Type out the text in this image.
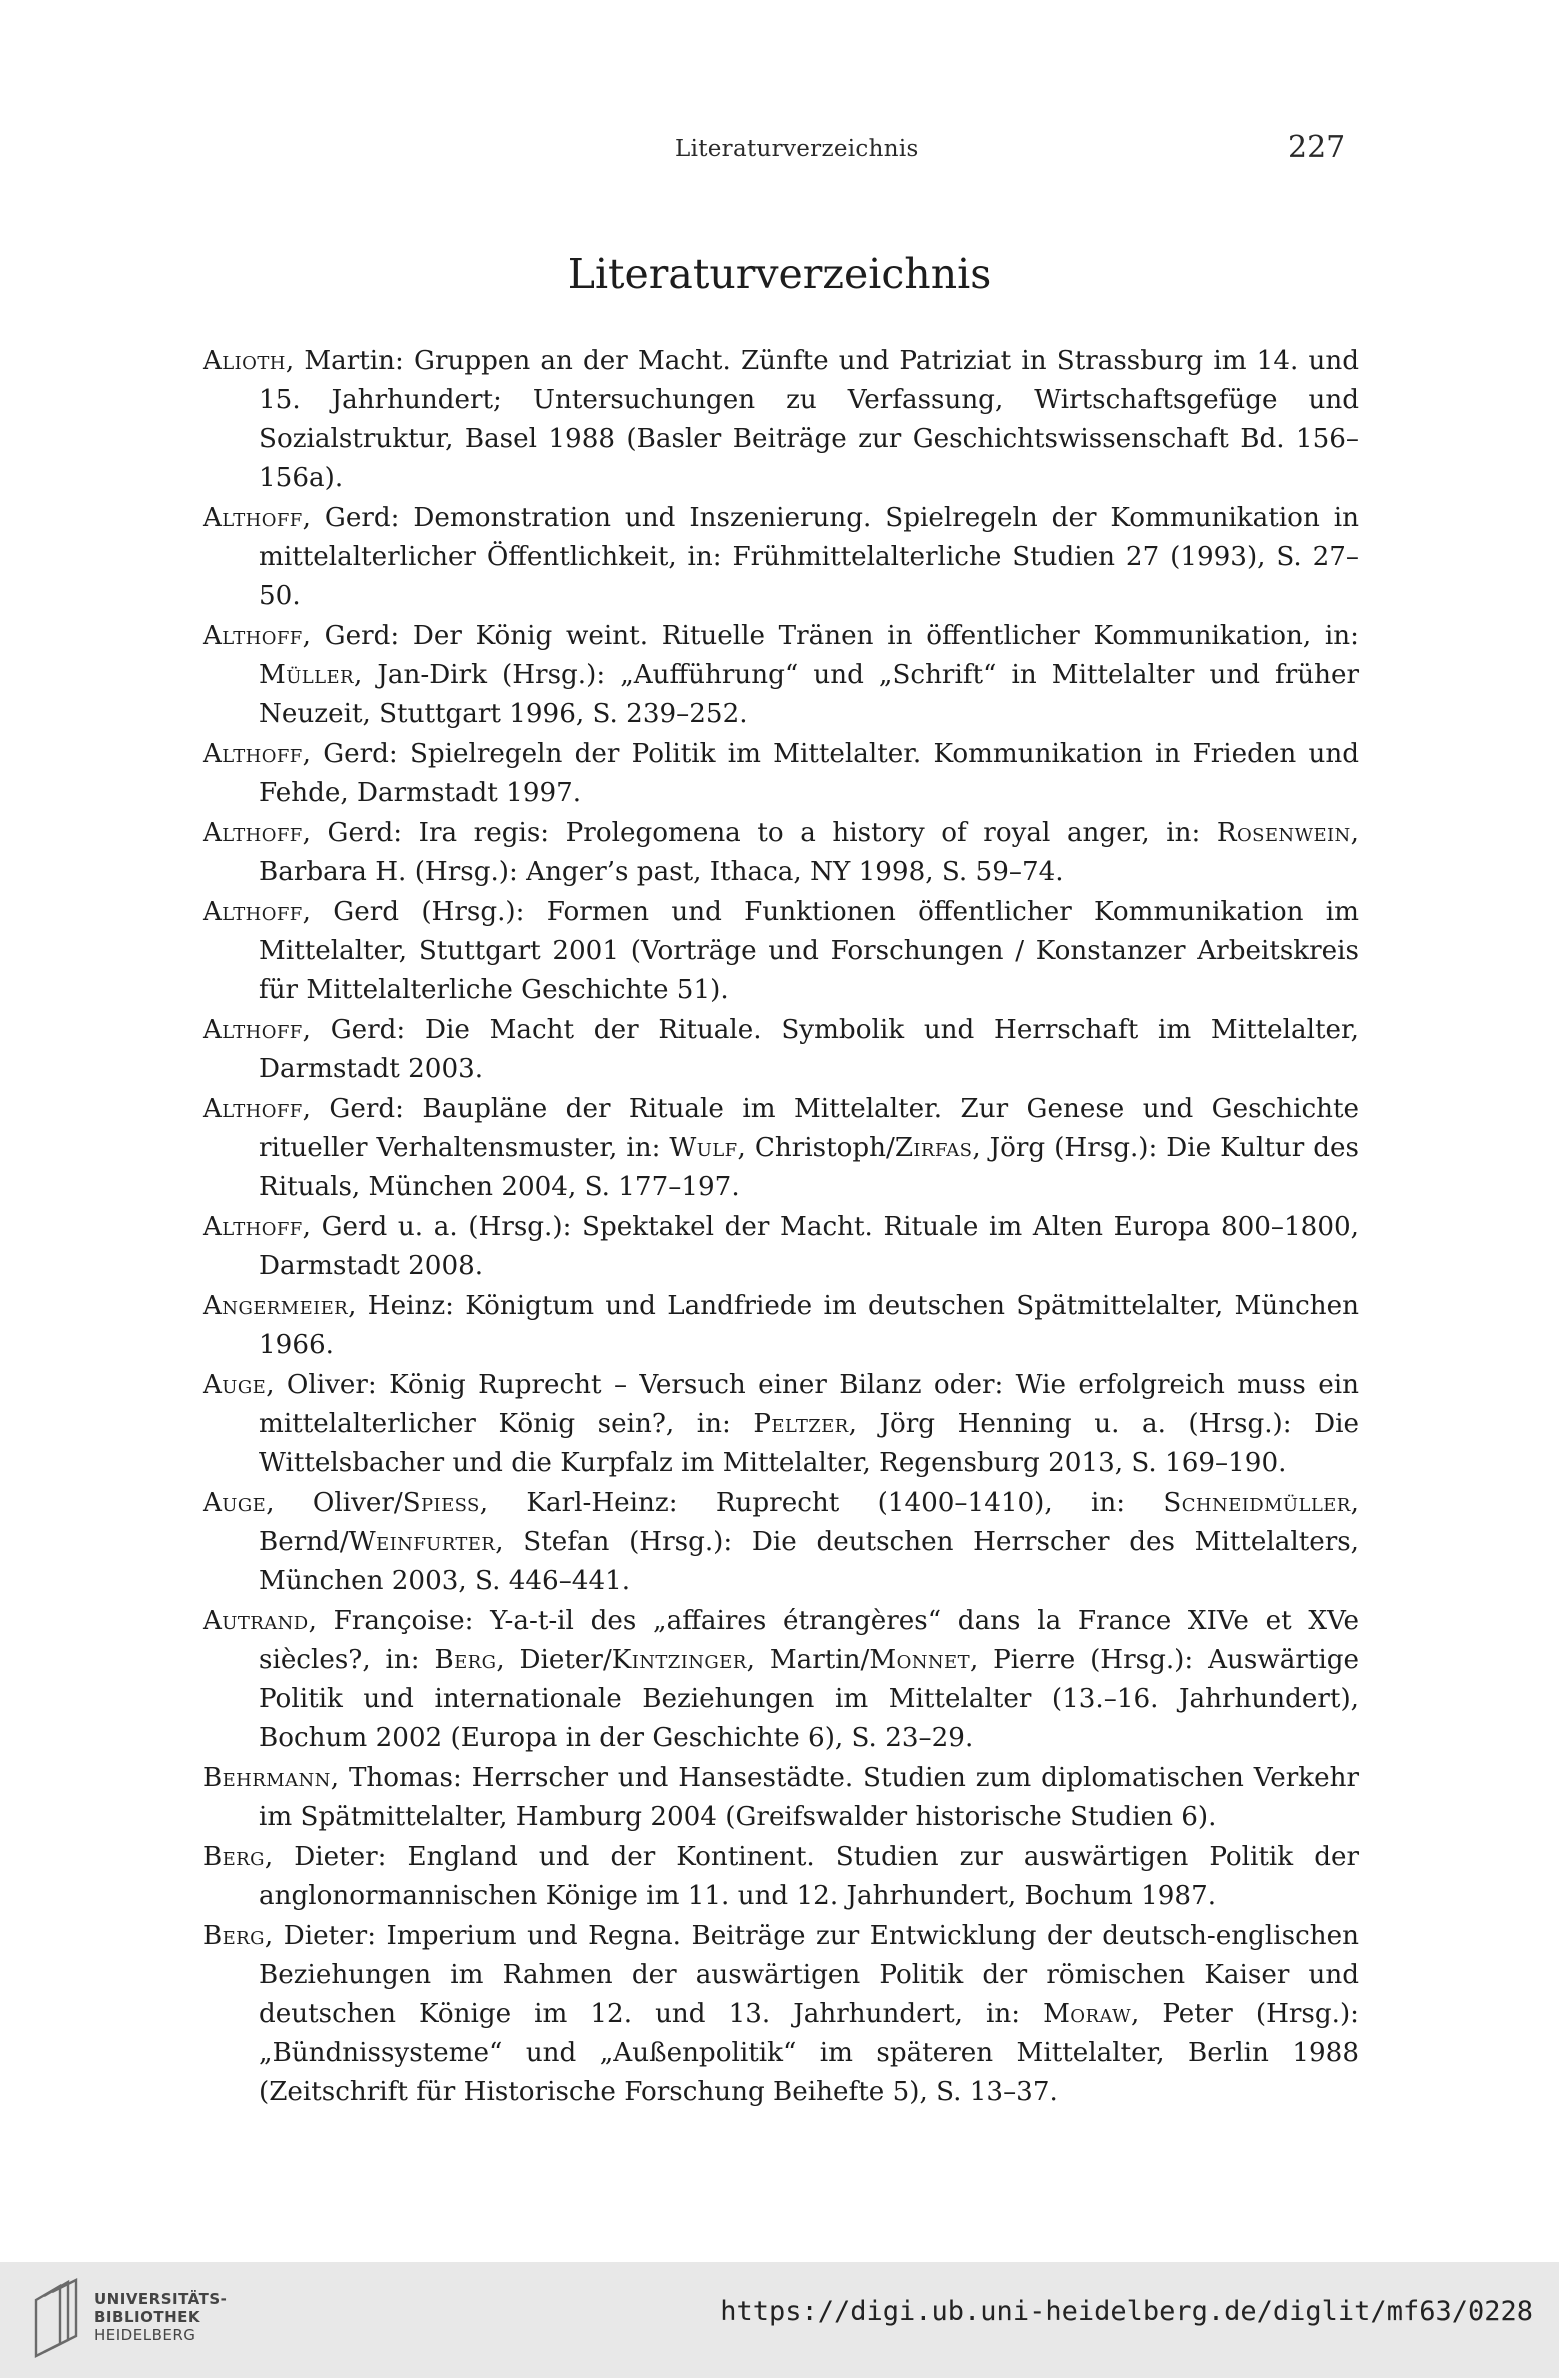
Literaturverzeichnis	227
Literaturverzeichnis
Alioth, Martin: Gruppen an der Macht. Zünfte und Patriziat in Strassburg im 14. und 15. Jahrhundert; Untersuchungen zu Verfassung, Wirtschaftsgefüge und Sozialstruktur, Basel 1988 (Basler Beiträge zur Geschichtswissenschaft Bd. 156–156a).
Althoff, Gerd: Demonstration und Inszenierung. Spielregeln der Kommunikation in mittelalterlicher Öffentlichkeit, in: Frühmittelalterliche Studien 27 (1993), S. 27–50.
Althoff, Gerd: Der König weint. Rituelle Tränen in öffentlicher Kommunikation, in: Müller, Jan-Dirk (Hrsg.): „Aufführung“ und „Schrift“ in Mittelalter und früher Neuzeit, Stuttgart 1996, S. 239–252.
Althoff, Gerd: Spielregeln der Politik im Mittelalter. Kommunikation in Frieden und Fehde, Darmstadt 1997.
Althoff, Gerd: Ira regis: Prolegomena to a history of royal anger, in: Rosenwein, Barbara H. (Hrsg.): Anger’s past, Ithaca, NY 1998, S. 59–74.
Althoff, Gerd (Hrsg.): Formen und Funktionen öffentlicher Kommunikation im Mittelalter, Stuttgart 2001 (Vorträge und Forschungen / Konstanzer Arbeitskreis für Mittelalterliche Geschichte 51).
Althoff, Gerd: Die Macht der Rituale. Symbolik und Herrschaft im Mittelalter, Darmstadt 2003.
Althoff, Gerd: Baupläne der Rituale im Mittelalter. Zur Genese und Geschichte ritueller Verhaltensmuster, in: Wulf, Christoph/Zirfas, Jörg (Hrsg.): Die Kultur des Rituals, München 2004, S. 177–197.
Althoff, Gerd u. a. (Hrsg.): Spektakel der Macht. Rituale im Alten Europa 800–1800, Darmstadt 2008.
Angermeier, Heinz: Königtum und Landfriede im deutschen Spätmittelalter, München 1966.
Auge, Oliver: König Ruprecht – Versuch einer Bilanz oder: Wie erfolgreich muss ein mittelalterlicher König sein?, in: Peltzer, Jörg Henning u. a. (Hrsg.): Die Wittelsbacher und die Kurpfalz im Mittelalter, Regensburg 2013, S. 169–190.
Auge, Oliver/Spiess, Karl-Heinz: Ruprecht (1400–1410), in: Schneidmüller, Bernd/Weinfurter, Stefan (Hrsg.): Die deutschen Herrscher des Mittelalters, München 2003, S. 446–441.
Autrand, Françoise: Y-a-t-il des „affaires étrangères“ dans la France XIVe et XVe siècles?, in: Berg, Dieter/Kintzinger, Martin/Monnet, Pierre (Hrsg.): Auswärtige Politik und internationale Beziehungen im Mittelalter (13.–16. Jahrhundert), Bochum 2002 (Europa in der Geschichte 6), S. 23–29.
Behrmann, Thomas: Herrscher und Hansestädte. Studien zum diplomatischen Verkehr im Spätmittelalter, Hamburg 2004 (Greifswalder historische Studien 6).
Berg, Dieter: England und der Kontinent. Studien zur auswärtigen Politik der anglonormannischen Könige im 11. und 12. Jahrhundert, Bochum 1987.
Berg, Dieter: Imperium und Regna. Beiträge zur Entwicklung der deutsch-englischen Beziehungen im Rahmen der auswärtigen Politik der römischen Kaiser und deutschen Könige im 12. und 13. Jahrhundert, in: Moraw, Peter (Hrsg.): „Bündnissysteme“ und „Außenpolitik“ im späteren Mittelalter, Berlin 1988 (Zeitschrift für Historische Forschung Beihefte 5), S. 13–37.
UNIVERSITÄTS-
BIBLIOTHEK
HEIDELBERG
https://digi.ub.uni-heidelberg.de/diglit/mf63/0228
